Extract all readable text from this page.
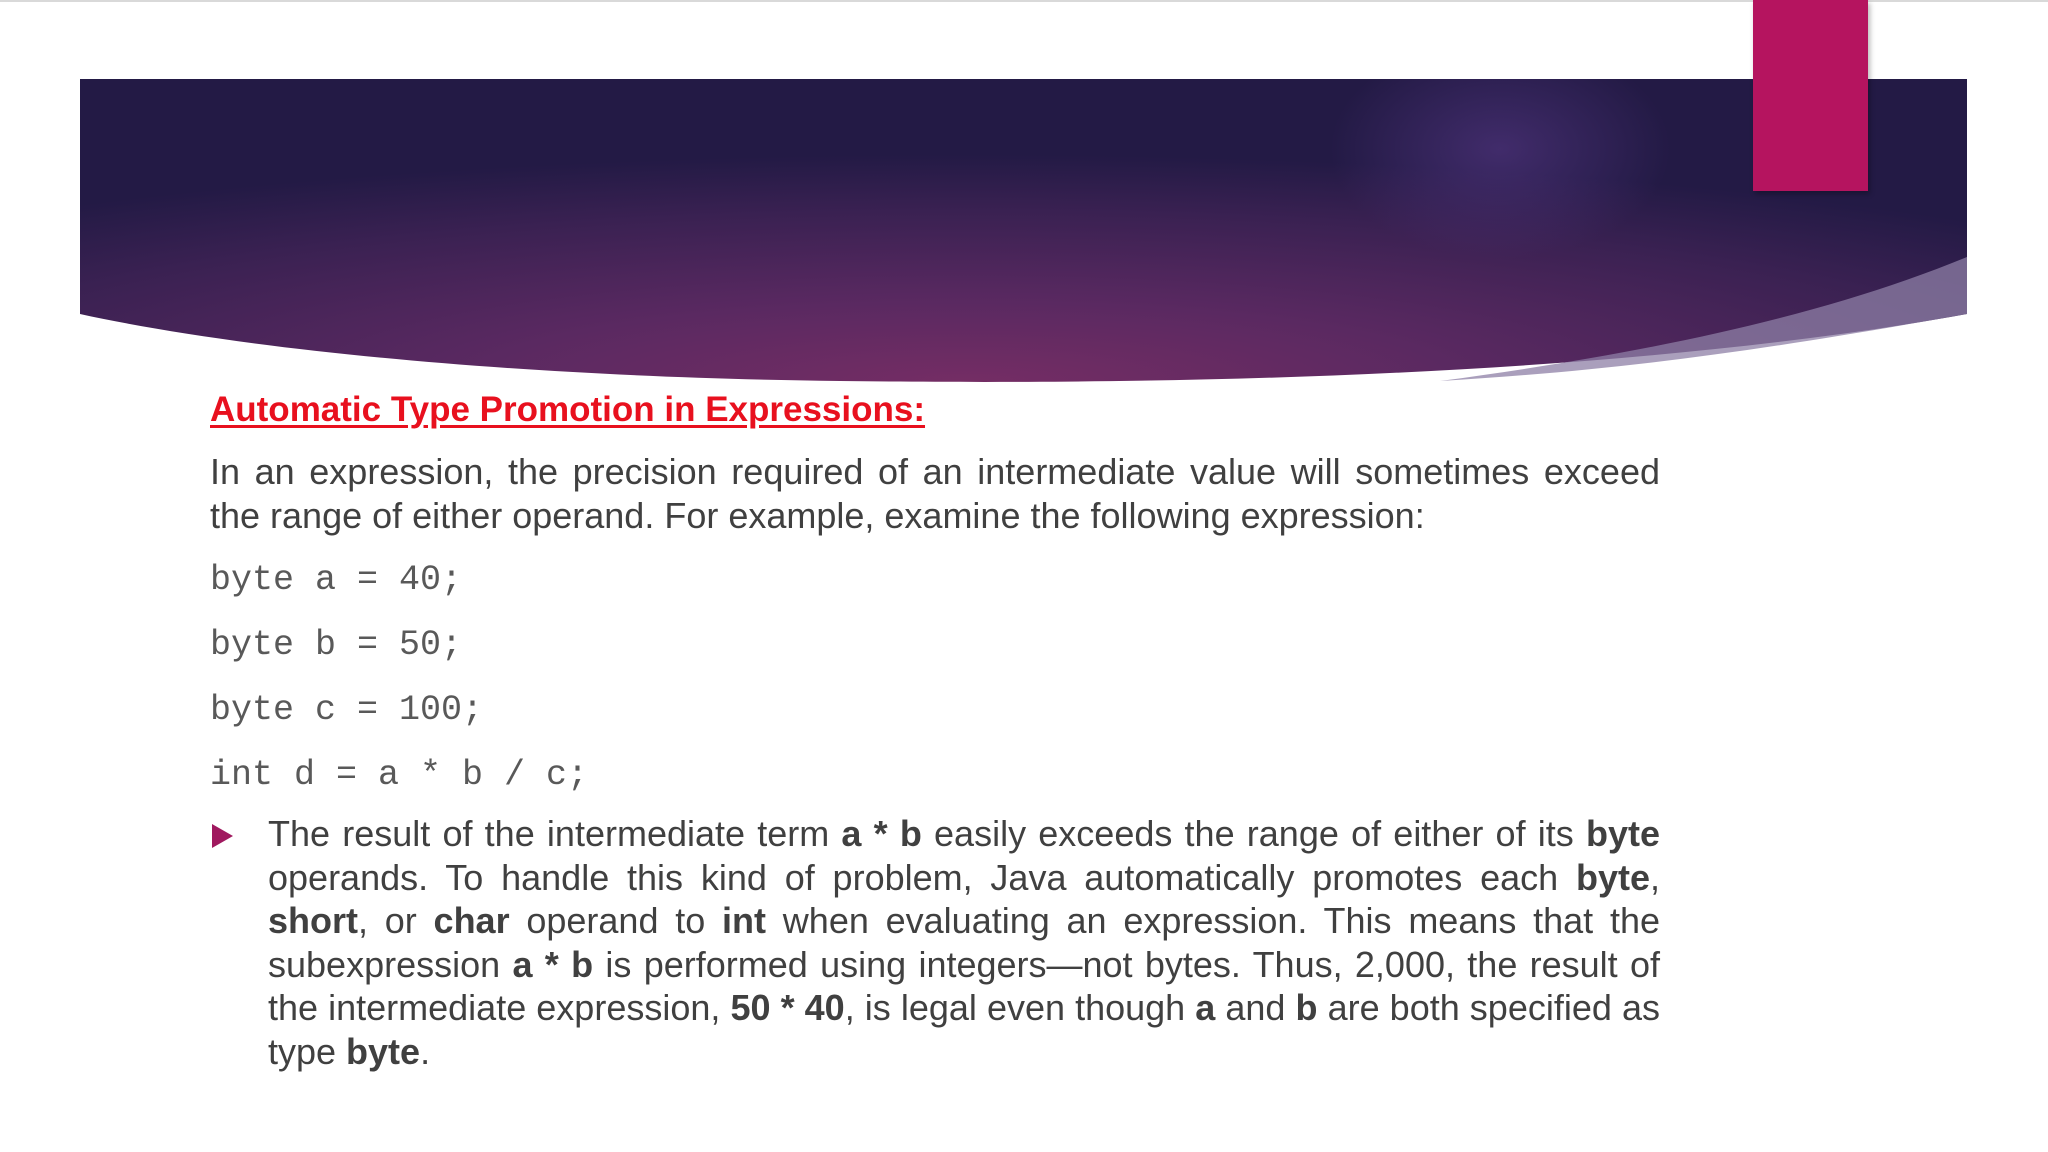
Automatic Type Promotion in Expressions:

In an expression, the precision required of an intermediate value will sometimes exceed the range of either operand. For example, examine the following expression:

byte a = 40;
byte b = 50;
byte c = 100;
int d = a * b / c;

The result of the intermediate term a * b easily exceeds the range of either of its byte operands. To handle this kind of problem, Java automatically promotes each byte, short, or char operand to int when evaluating an expression. This means that the subexpression a * b is performed using integers—not bytes. Thus, 2,000, the result of the intermediate expression, 50 * 40, is legal even though a and b are both specified as type byte.
